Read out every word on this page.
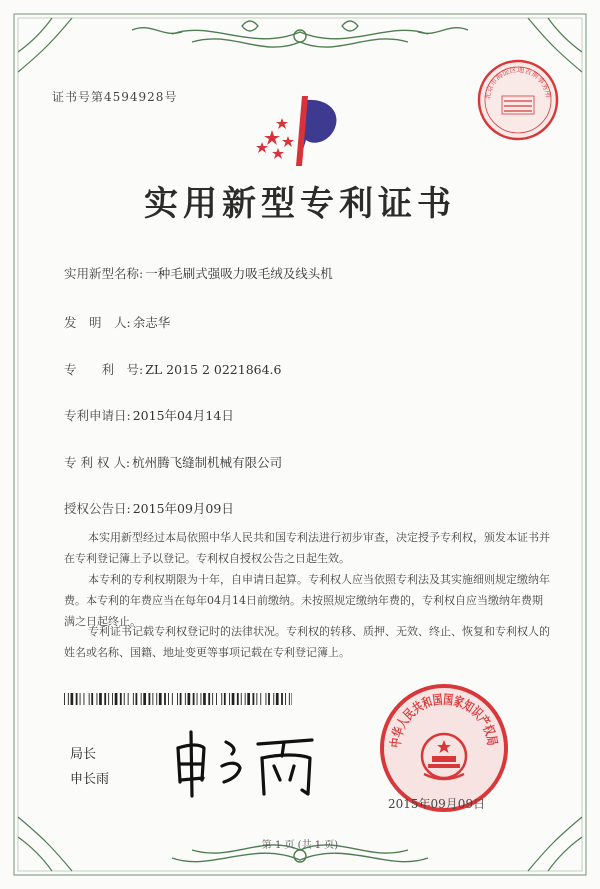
证书号第4594928号
实用新型专利证书
实用新型名称: 一种毛刷式强吸力吸毛绒及线头机
发　明　人: 余志华
专　　利　号: ZL 2015 2 0221864.6
专利申请日: 2015年04月14日
专 利 权 人: 杭州腾飞缝制机械有限公司
授权公告日: 2015年09月09日
本实用新型经过本局依照中华人民共和国专利法进行初步审查，决定授予专利权，颁发本证书并在专利登记簿上予以登记。专利权自授权公告之日起生效。
本专利的专利权期限为十年，自申请日起算。专利权人应当依照专利法及其实施细则规定缴纳年费。本专利的年费应当在每年04月14日前缴纳。未按照规定缴纳年费的，专利权自应当缴纳年费期满之日起终止。
专利证书记载专利权登记时的法律状况。专利权的转移、质押、无效、终止、恢复和专利权人的姓名或名称、国籍、地址变更等事项记载在专利登记簿上。
局长
申长雨
中华人民共和国国家知识产权局
2015年09月09日
北京市海淀区迪吉斯事务所
第 1 页 (共 1 页)
